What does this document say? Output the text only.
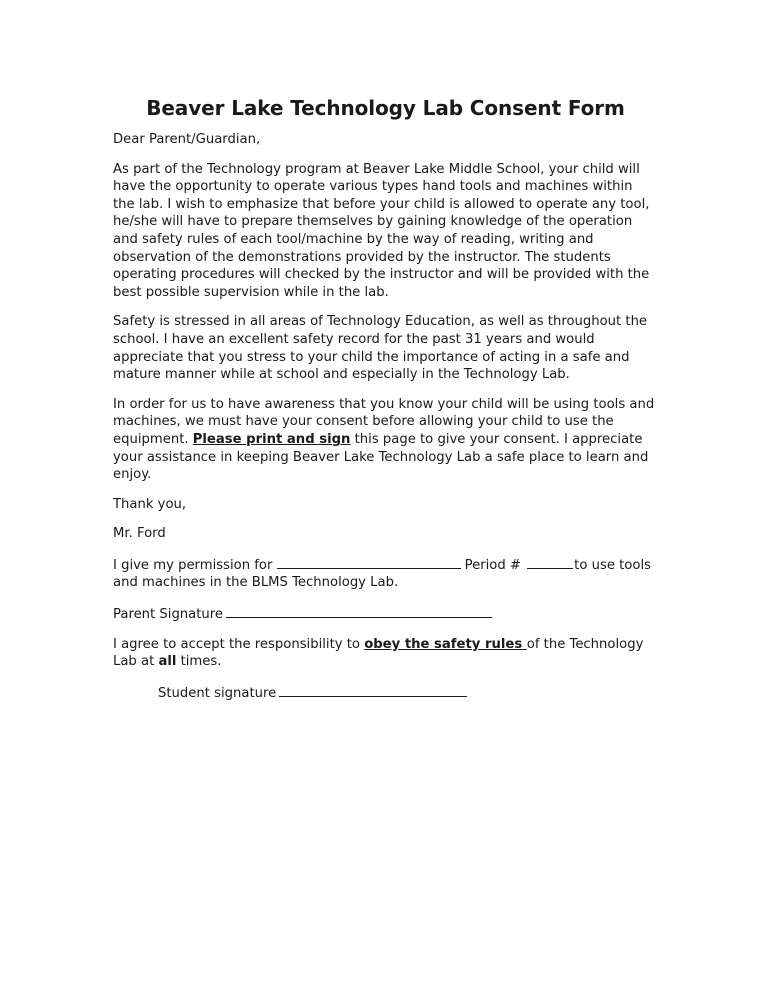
Beaver Lake Technology Lab Consent Form

Dear Parent/Guardian,

As part of the Technology program at Beaver Lake Middle School, your child will have the opportunity to operate various types hand tools and machines within the lab. I wish to emphasize that before your child is allowed to operate any tool, he/she will have to prepare themselves by gaining knowledge of the operation and safety rules of each tool/machine by the way of reading, writing and observation of the demonstrations provided by the instructor. The students operating procedures will checked by the instructor and will be provided with the best possible supervision while in the lab.

Safety is stressed in all areas of Technology Education, as well as throughout the school. I have an excellent safety record for the past 31 years and would appreciate that you stress to your child the importance of acting in a safe and mature manner while at school and especially in the Technology Lab.

In order for us to have awareness that you know your child will be using tools and machines, we must have your consent before allowing your child to use the equipment. Please print and sign this page to give your consent. I appreciate your assistance in keeping Beaver Lake Technology Lab a safe place to learn and enjoy.

Thank you,

Mr. Ford

I give my permission for	Period #	to use tools and machines in the BLMS Technology Lab.

Parent Signature

I agree to accept the responsibility to obey the safety rules of the Technology Lab at all times.

Student signature
